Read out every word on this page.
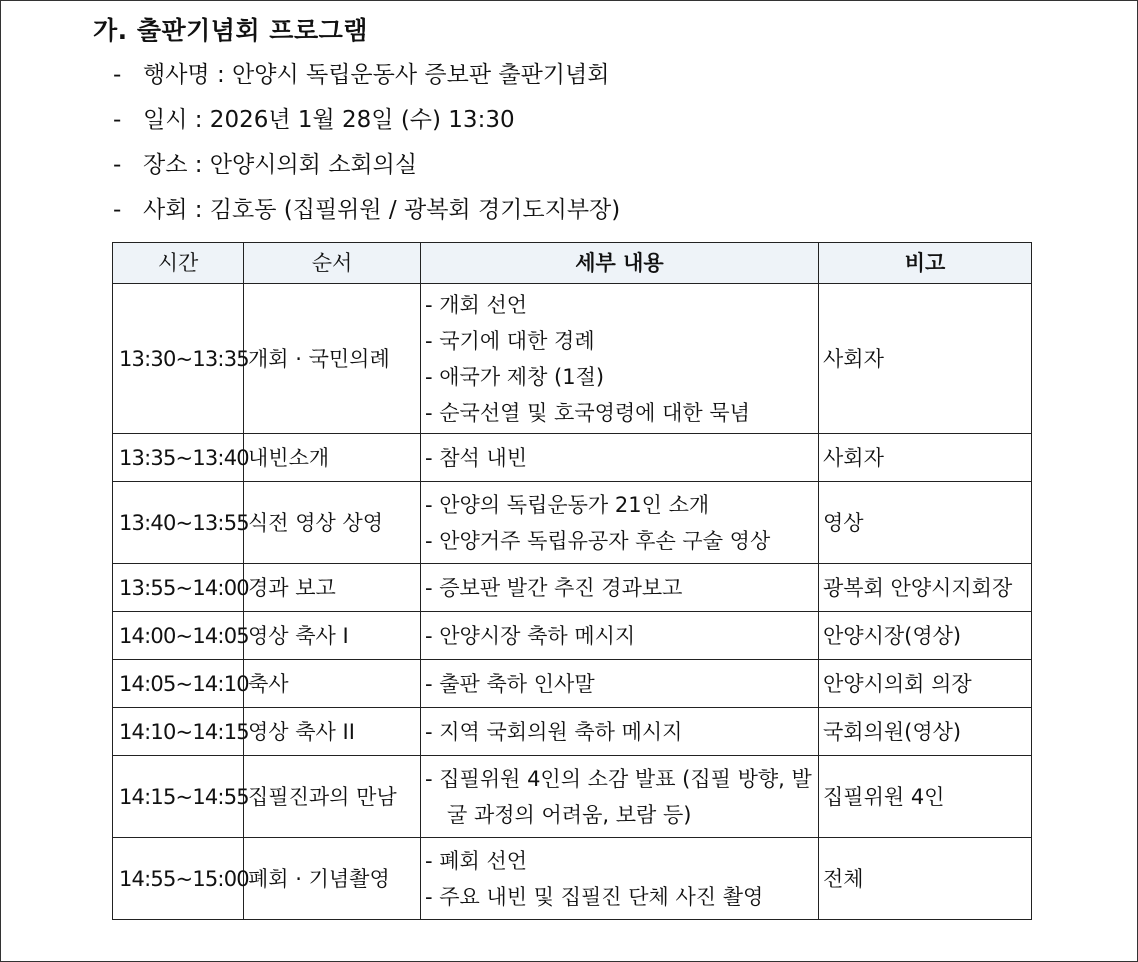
가. 출판기념회 프로그램
- 행사명 : 안양시 독립운동사 증보판 출판기념회
- 일시 : 2026년 1월 28일 (수) 13:30
- 장소 : 안양시의회 소회의실
- 사회 : 김호동 (집필위원 / 광복회 경기도지부장)
시간	순서	세부 내용	비고
13:30~13:35	개회 · 국민의례	- 개회 선언
- 국기에 대한 경례
- 애국가 제창 (1절)
- 순국선열 및 호국영령에 대한 묵념	사회자
13:35~13:40	내빈소개	- 참석 내빈	사회자
13:40~13:55	식전 영상 상영	- 안양의 독립운동가 21인 소개
- 안양거주 독립유공자 후손 구술 영상	영상
13:55~14:00	경과 보고	- 증보판 발간 추진 경과보고	광복회 안양시지회장
14:00~14:05	영상 축사 I	- 안양시장 축하 메시지	안양시장(영상)
14:05~14:10	축사	- 출판 축하 인사말	안양시의회 의장
14:10~14:15	영상 축사 II	- 지역 국회의원 축하 메시지	국회의원(영상)
14:15~14:55	집필진과의 만남	- 집필위원 4인의 소감 발표 (집필 방향, 발굴 과정의 어려움, 보람 등)	집필위원 4인
14:55~15:00	폐회 · 기념촬영	- 폐회 선언
- 주요 내빈 및 집필진 단체 사진 촬영	전체
